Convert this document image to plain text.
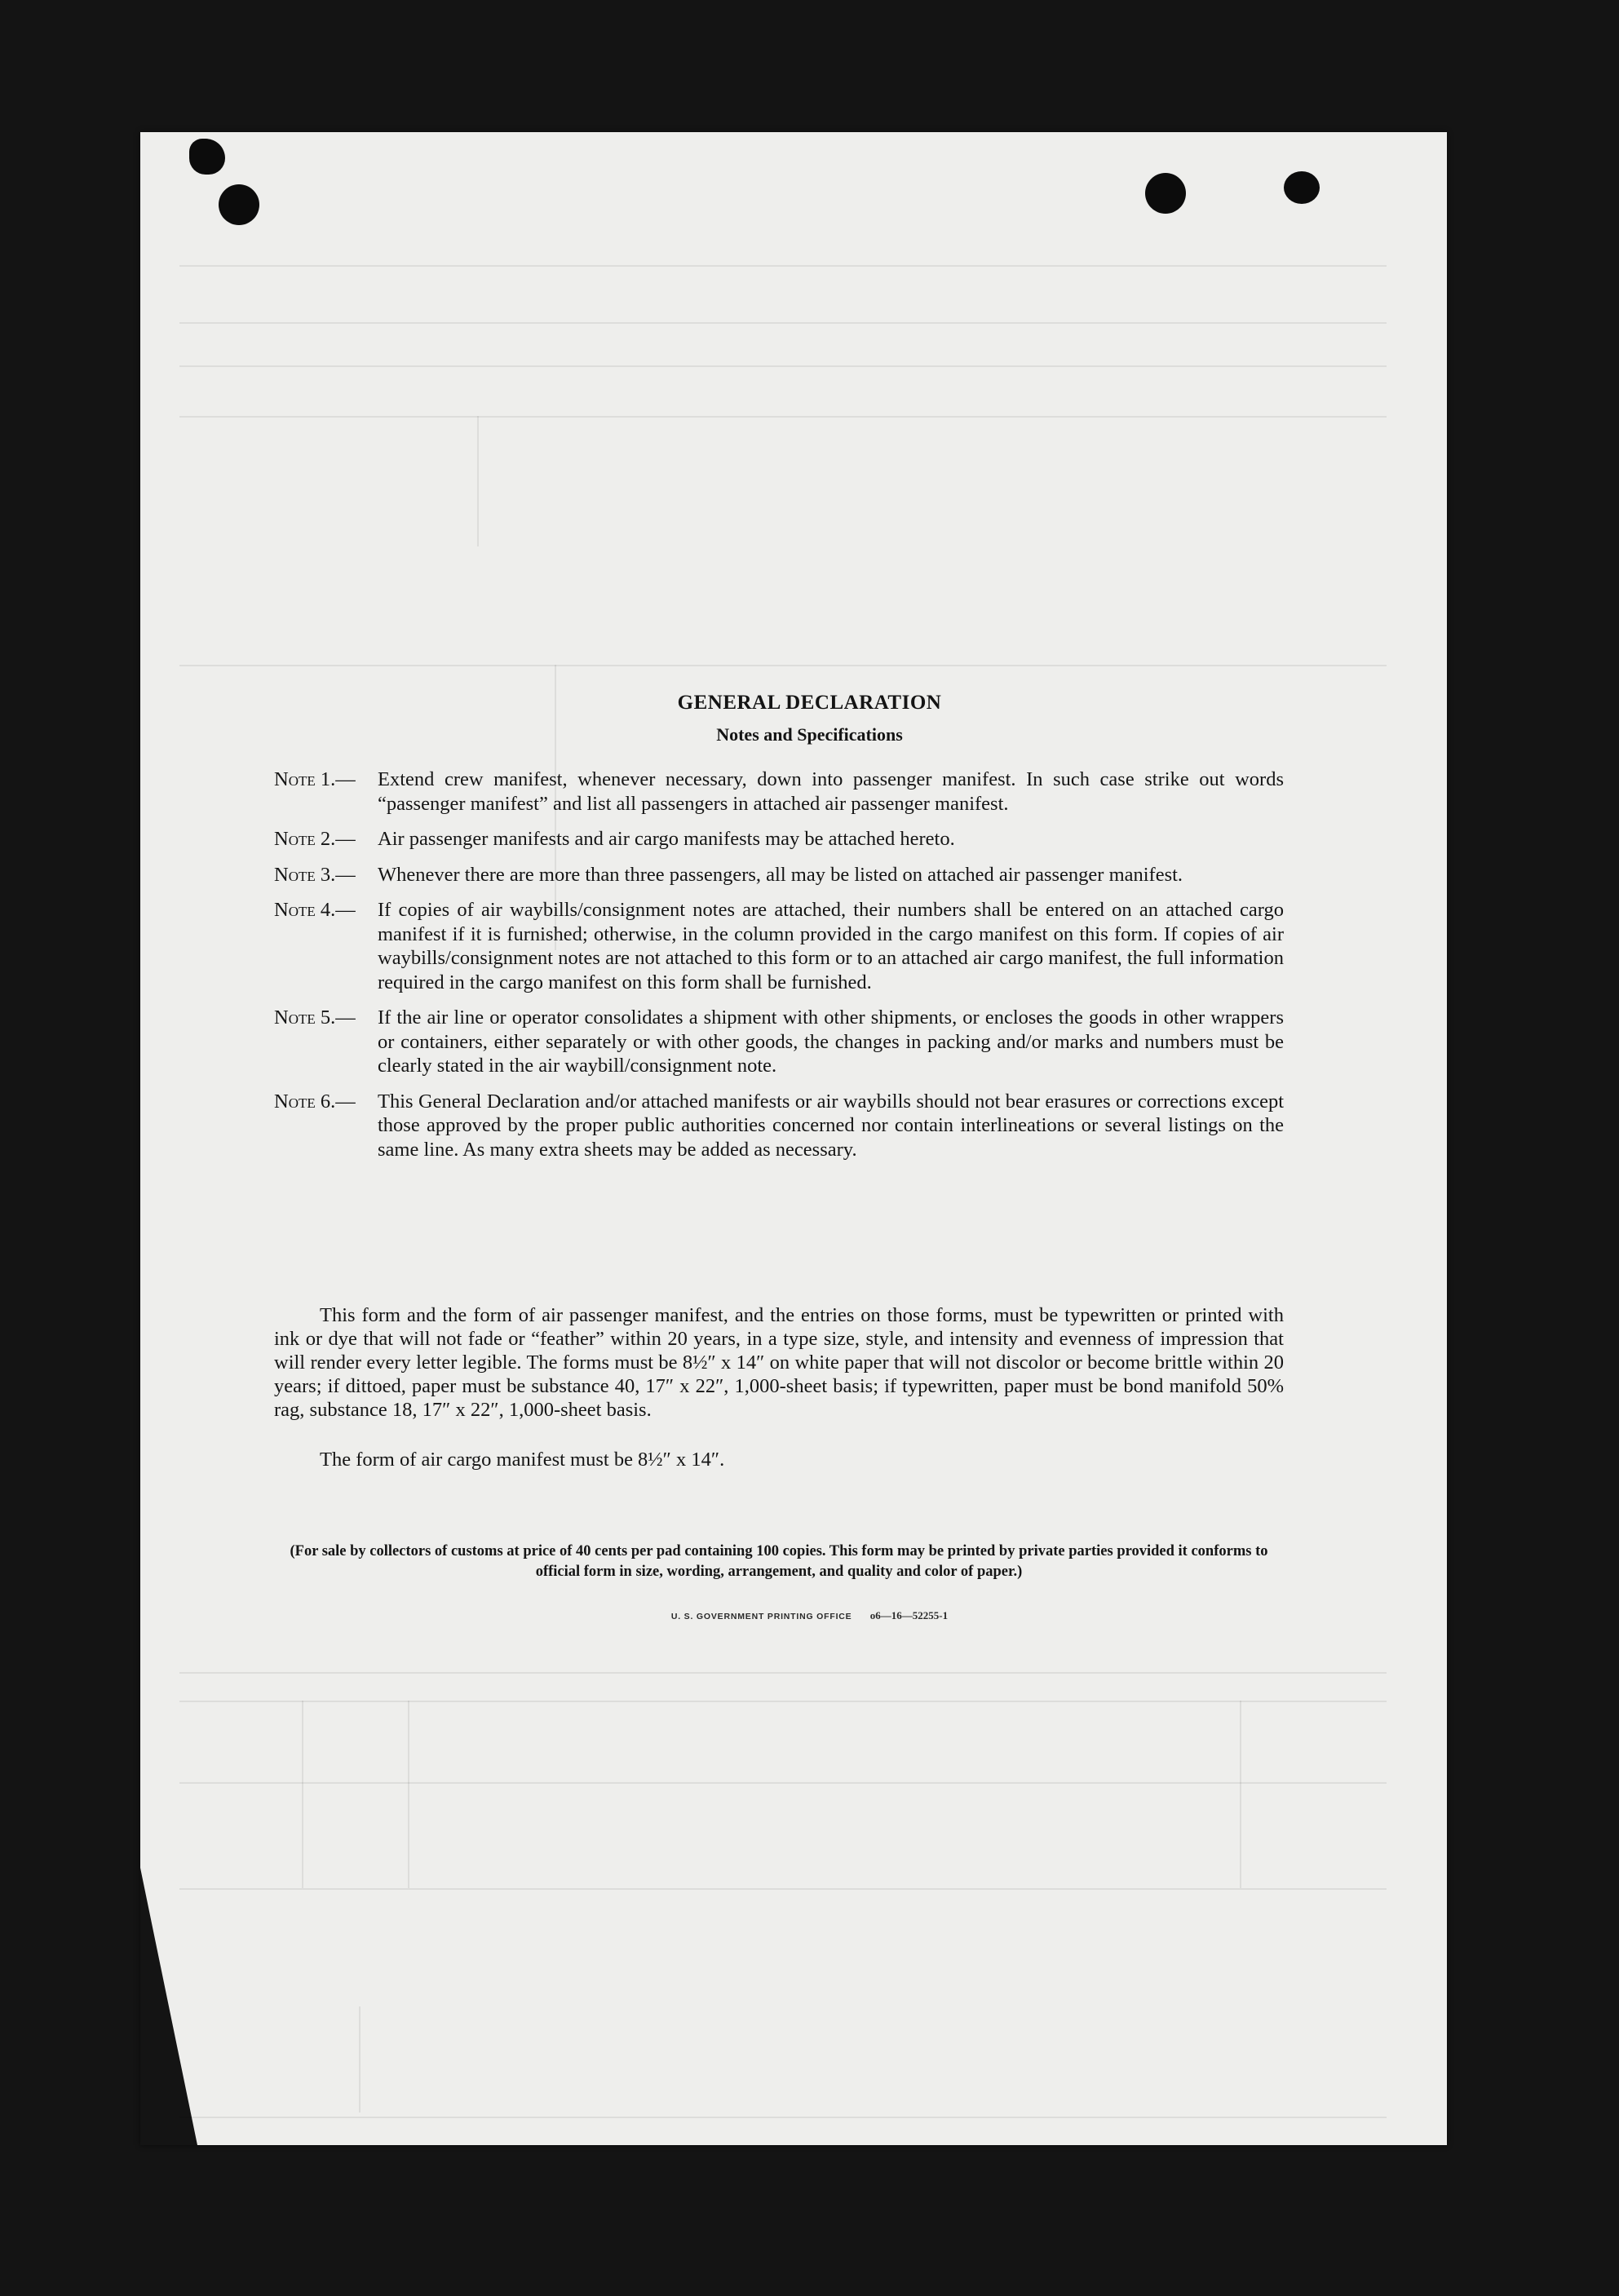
GENERAL DECLARATION
Notes and Specifications
Note 1.— Extend crew manifest, whenever necessary, down into passenger manifest. In such case strike out words “passenger manifest” and list all passengers in attached air passenger manifest.
Note 2.— Air passenger manifests and air cargo manifests may be attached hereto.
Note 3.— Whenever there are more than three passengers, all may be listed on attached air passenger manifest.
Note 4.— If copies of air waybills/consignment notes are attached, their numbers shall be entered on an attached cargo manifest if it is furnished; otherwise, in the column provided in the cargo manifest on this form. If copies of air waybills/consignment notes are not attached to this form or to an attached air cargo manifest, the full information required in the cargo manifest on this form shall be furnished.
Note 5.— If the air line or operator consolidates a shipment with other shipments, or encloses the goods in other wrappers or containers, either separately or with other goods, the changes in packing and/or marks and numbers must be clearly stated in the air waybill/consignment note.
Note 6.— This General Declaration and/or attached manifests or air waybills should not bear erasures or corrections except those approved by the proper public authorities concerned nor contain interlineations or several listings on the same line. As many extra sheets may be added as necessary.
This form and the form of air passenger manifest, and the entries on those forms, must be typewritten or printed with ink or dye that will not fade or “feather” within 20 years, in a type size, style, and intensity and evenness of impression that will render every letter legible. The forms must be 8½″ x 14″ on white paper that will not discolor or become brittle within 20 years; if dittoed, paper must be substance 40, 17″ x 22″, 1,000-sheet basis; if typewritten, paper must be bond manifold 50% rag, substance 18, 17″ x 22″, 1,000-sheet basis.
The form of air cargo manifest must be 8½″ x 14″.
(For sale by collectors of customs at price of 40 cents per pad containing 100 copies. This form may be printed by private parties provided it conforms to official form in size, wording, arrangement, and quality and color of paper.)
U. S. GOVERNMENT PRINTING OFFICE o6—16—52255-1
